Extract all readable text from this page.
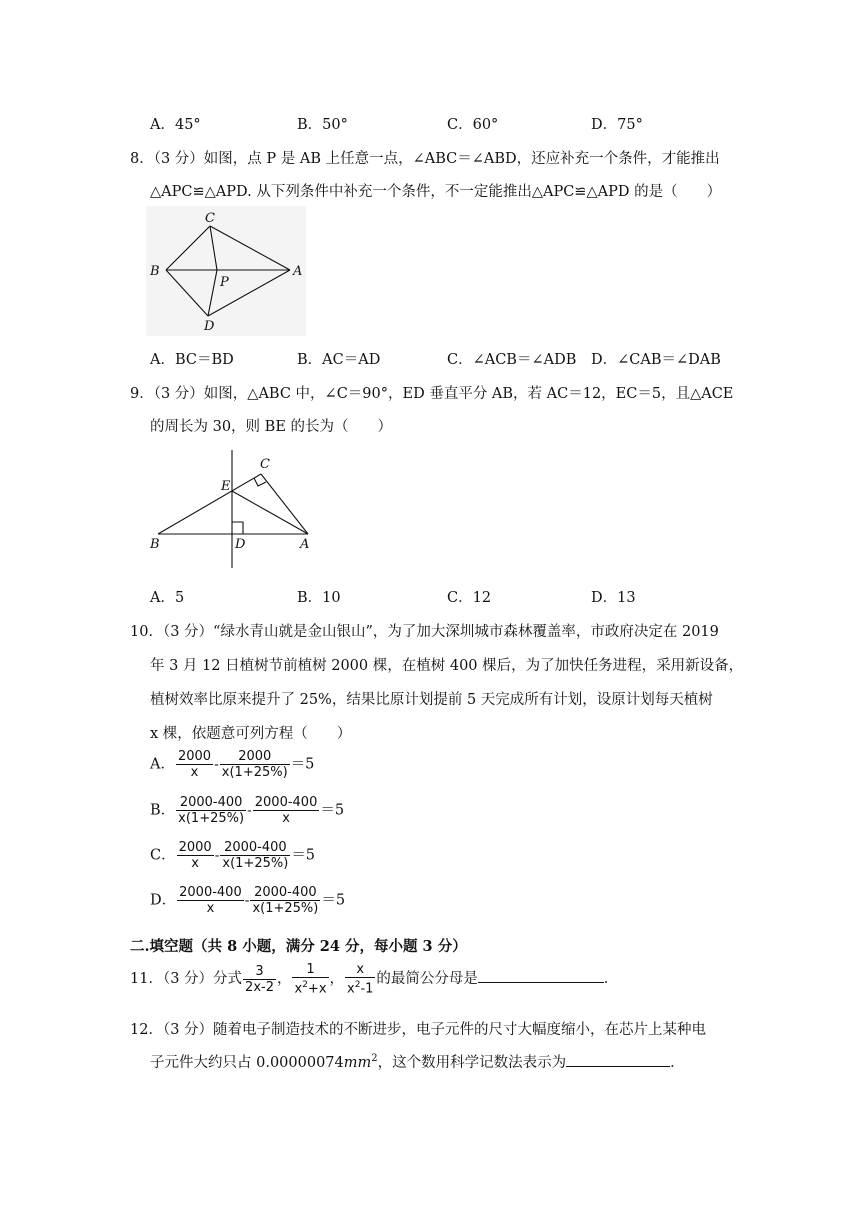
A．45°	B．50°	C．60°	D．75°
8．（3 分）如图，点 P 是 AB 上任意一点，∠ABC＝∠ABD，还应补充一个条件，才能推出
△APC≌△APD. 从下列条件中补充一个条件，不一定能推出△APC≌△APD 的是（　　）
C
B
P
A
D
A．BC＝BD	B．AC＝AD	C．∠ACB＝∠ADB D．∠CAB＝∠DAB
9．（3 分）如图，△ABC 中，∠C＝90°，ED 垂直平分 AB，若 AC＝12，EC＝5，且△ACE
的周长为 30，则 BE 的长为（　　）
C
E
B	D	A
A．5	B．10	C．12	D．13
10．（3 分）“绿水青山就是金山银山”，为了加大深圳城市森林覆盖率，市政府决定在 2019
年 3 月 12 日植树节前植树 2000 棵，在植树 400 棵后，为了加快任务进程，采用新设备，
植树效率比原来提升了 25%，结果比原计划提前 5 天完成所有计划，设原计划每天植树
x 棵，依题意可列方程（　　）
A． $\frac{2000}{x} - \frac{2000}{x(1+25\%)} =5$
B． $\frac{2000-400}{x(1+25\%)} - \frac{2000-400}{x} =5$
C． $\frac{2000}{x} - \frac{2000-400}{x(1+25\%)} =5$
D． $\frac{2000-400}{x} - \frac{2000-400}{x(1+25\%)} =5$
二.填空题（共 8 小题，满分 24 分，每小题 3 分）
11．（3 分）分式 $\frac{3}{2x-2}$ ， $\frac{1}{x^2+x}$ ， $\frac{x}{x^2-1}$ 的最简公分母是	．
12．（3 分）随着电子制造技术的不断进步，电子元件的尺寸大幅度缩小，在芯片上某种电
子元件大约只占 $0.00000074mm^2$，这个数用科学记数法表示为	．
